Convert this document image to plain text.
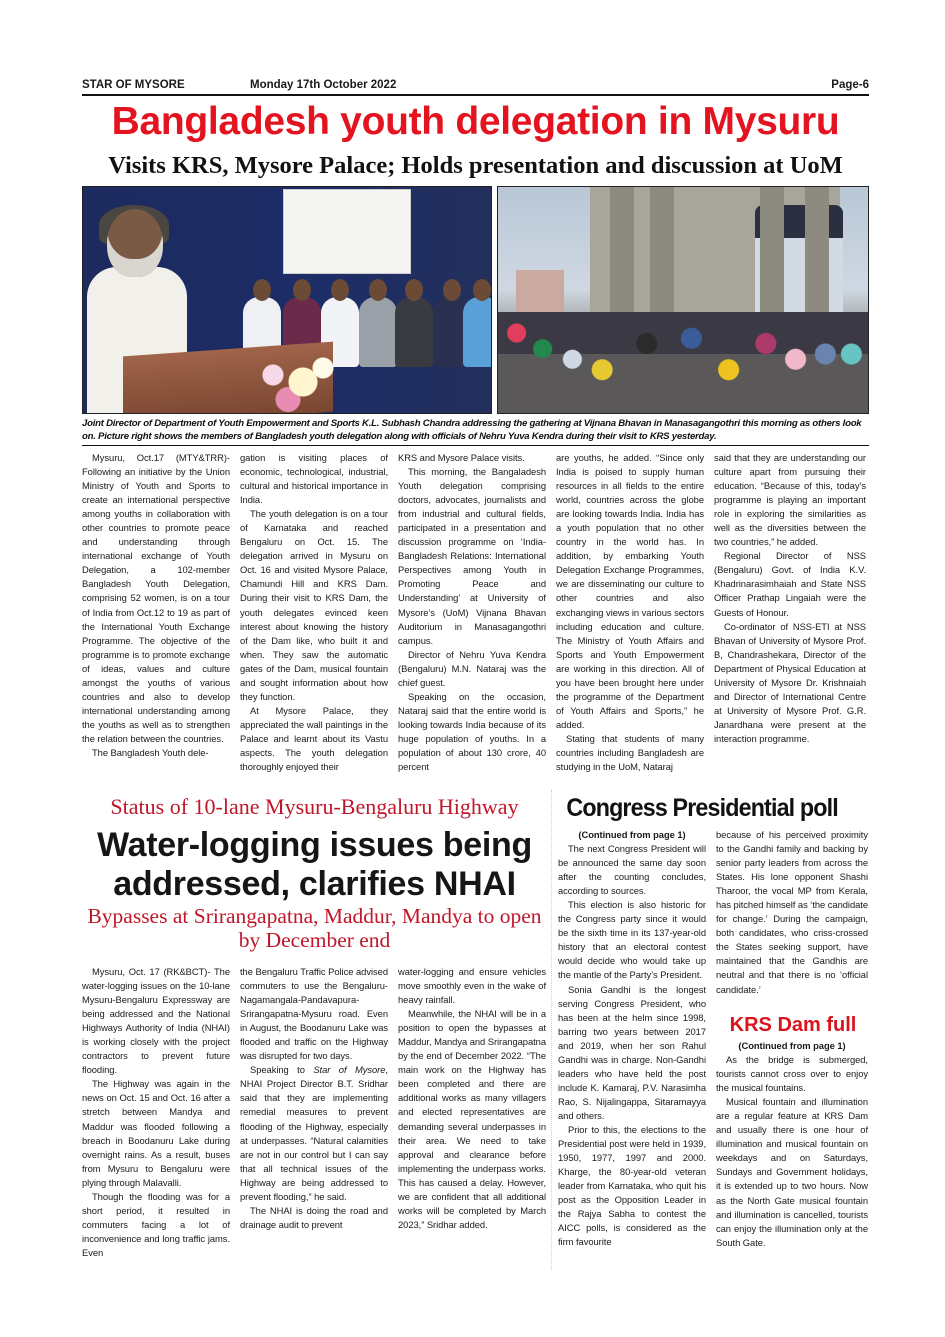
STAR OF MYSORE	Monday 17th October 2022	Page-6
Bangladesh youth delegation in Mysuru
Visits KRS, Mysore Palace; Holds presentation and discussion at UoM

Joint Director of Department of Youth Empowerment and Sports K.L. Subhash Chandra addressing the gathering at Vijnana Bhavan in Manasagangothri this morning as others look on. Picture right shows the members of Bangladesh youth delegation along with officials of Nehru Yuva Kendra during their visit to KRS yesterday.

Mysuru, Oct.17 (MTY&TRR)- Following an initiative by the Union Ministry of Youth and Sports to create an international perspective among youths in collaboration with other countries to promote peace and understanding through international exchange of Youth Delegation, a 102-member Bangladesh Youth Delegation, comprising 52 women, is on a tour of India from Oct.12 to 19 as part of the International Youth Exchange Programme. The objective of the programme is to promote exchange of ideas, values and culture amongst the youths of various countries and also to develop international understanding among the youths as well as to strengthen the relation between the countries.

The Bangladesh Youth dele-

gation is visiting places of economic, technological, industrial, cultural and historical importance in India.

The youth delegation is on a tour of Karnataka and reached Bengaluru on Oct. 15. The delegation arrived in Mysuru on Oct. 16 and visited Mysore Palace, Chamundi Hill and KRS Dam. During their visit to KRS Dam, the youth delegates evinced keen interest about knowing the history of the Dam like, who built it and when. They saw the automatic gates of the Dam, musical fountain and sought information about how they function.

At Mysore Palace, they appreciated the wall paintings in the Palace and learnt about its Vastu aspects. The youth delegation thoroughly enjoyed their

KRS and Mysore Palace visits.

This morning, the Bangaladesh Youth delegation comprising doctors, advocates, journalists and from industrial and cultural fields, participated in a presentation and discussion programme on ‘India-Bangladesh Relations: International Perspectives among Youth in Promoting Peace and Understanding’ at University of Mysore’s (UoM) Vijnana Bhavan Auditorium in Manasagangothri campus.

Director of Nehru Yuva Kendra (Bengaluru) M.N. Nataraj was the chief guest.

Speaking on the occasion, Nataraj said that the entire world is looking towards India because of its huge population of youths. In a population of about 130 crore, 40 percent

are youths, he added. “Since only India is poised to supply human resources in all fields to the entire world, countries across the globe are looking towards India. India has a youth population that no other country in the world has. In addition, by embarking Youth Delegation Exchange Programmes, we are disseminating our culture to other countries and also exchanging views in various sectors including education and culture. The Ministry of Youth Affairs and Sports and Youth Empowerment are working in this direction. All of you have been brought here under the programme of the Department of Youth Affairs and Sports,” he added.

Stating that students of many countries including Bangladesh are studying in the UoM, Nataraj

said that they are understanding our culture apart from pursuing their education. “Because of this, today’s programme is playing an important role in exploring the similarities as well as the diversities between the two countries,” he added.

Regional Director of NSS (Bengaluru) Govt. of India K.V. Khadrinarasimhaiah and State NSS Officer Prathap Lingaiah were the Guests of Honour.

Co-ordinator of NSS-ETI at NSS Bhavan of University of Mysore Prof. B, Chandrashekara, Director of the Department of Physical Education at University of Mysore Dr. Krishnaiah and Director of International Centre at University of Mysore Prof. G.R. Janardhana were present at the interaction programme.

Status of 10-lane Mysuru-Bengaluru Highway
Water-logging issues being addressed, clarifies NHAI
Bypasses at Srirangapatna, Maddur, Mandya to open by December end

Mysuru, Oct. 17 (RK&BCT)- The water-logging issues on the 10-lane Mysuru-Bengaluru Expressway are being addressed and the National Highways Authority of India (NHAI) is working closely with the project contractors to prevent future flooding.

The Highway was again in the news on Oct. 15 and Oct. 16 after a stretch between Mandya and Maddur was flooded following a breach in Boodanuru Lake during overnight rains. As a result, buses from Mysuru to Bengaluru were plying through Malavalli.

Though the flooding was for a short period, it resulted in commuters facing a lot of inconvenience and long traffic jams. Even

the Bengaluru Traffic Police advised commuters to use the Bengaluru-Nagamangala-Pandavapura-Srirangapatna-Mysuru road. Even in August, the Boodanuru Lake was flooded and traffic on the Highway was disrupted for two days.

Speaking to Star of Mysore, NHAI Project Director B.T. Sridhar said that they are implementing remedial measures to prevent flooding of the Highway, especially at underpasses. “Natural calamities are not in our control but I can say that all technical issues of the Highway are being addressed to prevent flooding,” he said.

The NHAI is doing the road and drainage audit to prevent

water-logging and ensure vehicles move smoothly even in the wake of heavy rainfall.

Meanwhile, the NHAI will be in a position to open the bypasses at Maddur, Mandya and Srirangapatna by the end of December 2022. “The main work on the Highway has been completed and there are additional works as many villagers and elected representatives are demanding several underpasses in their area. We need to take approval and clearance before implementing the underpass works. This has caused a delay. However, we are confident that all additional works will be completed by March 2023,” Sridhar added.

Congress Presidential poll

(Continued from page 1)

The next Congress President will be announced the same day soon after the counting concludes, according to sources.

This election is also historic for the Congress party since it would be the sixth time in its 137-year-old history that an electoral contest would decide who would take up the mantle of the Party’s President.

Sonia Gandhi is the longest serving Congress President, who has been at the helm since 1998, barring two years between 2017 and 2019, when her son Rahul Gandhi was in charge. Non-Gandhi leaders who have held the post include K. Kamaraj, P.V. Narasimha Rao, S. Nijalingappa, Sitaramayya and others.

Prior to this, the elections to the Presidential post were held in 1939, 1950, 1977, 1997 and 2000. Kharge, the 80-year-old veteran leader from Karnataka, who quit his post as the Opposition Leader in the Rajya Sabha to contest the AICC polls, is considered as the firm favourite

because of his perceived proximity to the Gandhi family and backing by senior party leaders from across the States. His lone opponent Shashi Tharoor, the vocal MP from Kerala, has pitched himself as ‘the candidate for change.’ During the campaign, both candidates, who criss-crossed the States seeking support, have maintained that the Gandhis are neutral and that there is no ‘official candidate.’

KRS Dam full

(Continued from page 1)

As the bridge is submerged, tourists cannot cross over to enjoy the musical fountains.

Musical fountain and illumination are a regular feature at KRS Dam and usually there is one hour of illumination and musical fountain on weekdays and on Saturdays, Sundays and Government holidays, it is extended up to two hours. Now as the North Gate musical fountain and illumination is cancelled, tourists can enjoy the illumination only at the South Gate.
